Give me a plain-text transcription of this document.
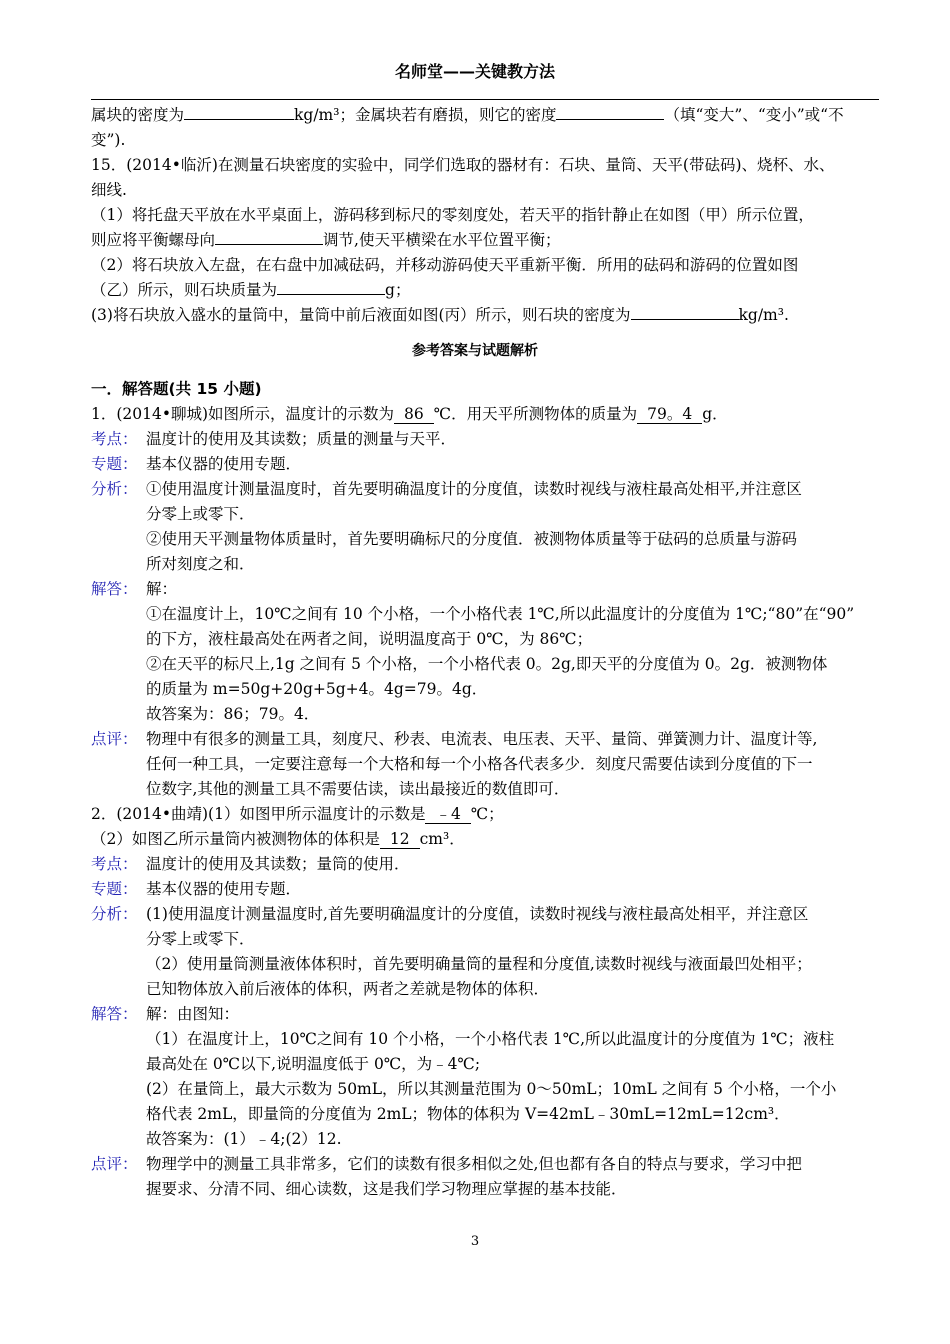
名师堂——关键教方法
属块的密度为	kg/m³；金属块若有磨损，则它的密度	（填“变大”、“变小”或“不
变”).
15．(2014•临沂)在测量石块密度的实验中，同学们选取的器材有：石块、量筒、天平(带砝码)、烧杯、水、
细线.
（1）将托盘天平放在水平桌面上，游码移到标尺的零刻度处，若天平的指针静止在如图（甲）所示位置，
则应将平衡螺母向	调节,使天平横梁在水平位置平衡；
（2）将石块放入左盘，在右盘中加减砝码，并移动游码使天平重新平衡．所用的砝码和游码的位置如图
（乙）所示，则石块质量为	g；
(3)将石块放入盛水的量筒中，量筒中前后液面如图(丙）所示，则石块的密度为	kg/m³.
参考答案与试题解析
一．解答题(共 15 小题)
1．(2014•聊城)如图所示，温度计的示数为 86 ℃．用天平所测物体的质量为 79。4 g．
考点： 温度计的使用及其读数；质量的测量与天平．
专题： 基本仪器的使用专题．
分析： ①使用温度计测量温度时，首先要明确温度计的分度值，读数时视线与液柱最高处相平,并注意区
分零上或零下．
②使用天平测量物体质量时，首先要明确标尺的分度值．被测物体质量等于砝码的总质量与游码
所对刻度之和．
解答： 解：
①在温度计上，10℃之间有 10 个小格，一个小格代表 1℃,所以此温度计的分度值为 1℃;“80”在“90”
的下方，液柱最高处在两者之间，说明温度高于 0℃，为 86℃；
②在天平的标尺上,1g 之间有 5 个小格，一个小格代表 0。2g,即天平的分度值为 0。2g．被测物体
的质量为 m=50g+20g+5g+4。4g=79。4g．
故答案为：86；79。4．
点评： 物理中有很多的测量工具，刻度尺、秒表、电流表、电压表、天平、量筒、弹簧测力计、温度计等,
任何一种工具，一定要注意每一个大格和每一个小格各代表多少．刻度尺需要估读到分度值的下一
位数字,其他的测量工具不需要估读，读出最接近的数值即可．
2．(2014•曲靖)(1）如图甲所示温度计的示数是 ﹣4 ℃；
（2）如图乙所示量筒内被测物体的体积是 12 cm³．
考点： 温度计的使用及其读数；量筒的使用．
专题： 基本仪器的使用专题．
分析： (1)使用温度计测量温度时,首先要明确温度计的分度值，读数时视线与液柱最高处相平，并注意区
分零上或零下．
（2）使用量筒测量液体体积时，首先要明确量筒的量程和分度值,读数时视线与液面最凹处相平；
已知物体放入前后液体的体积，两者之差就是物体的体积．
解答： 解：由图知：
（1）在温度计上，10℃之间有 10 个小格，一个小格代表 1℃,所以此温度计的分度值为 1℃；液柱
最高处在 0℃以下,说明温度低于 0℃，为﹣4℃;
(2）在量筒上，最大示数为 50mL，所以其测量范围为 0～50mL；10mL 之间有 5 个小格，一个小
格代表 2mL，即量筒的分度值为 2mL；物体的体积为 V=42mL﹣30mL=12mL=12cm³．
故答案为：(1）﹣4;(2）12.
点评： 物理学中的测量工具非常多，它们的读数有很多相似之处,但也都有各自的特点与要求，学习中把
握要求、分清不同、细心读数，这是我们学习物理应掌握的基本技能．
3
